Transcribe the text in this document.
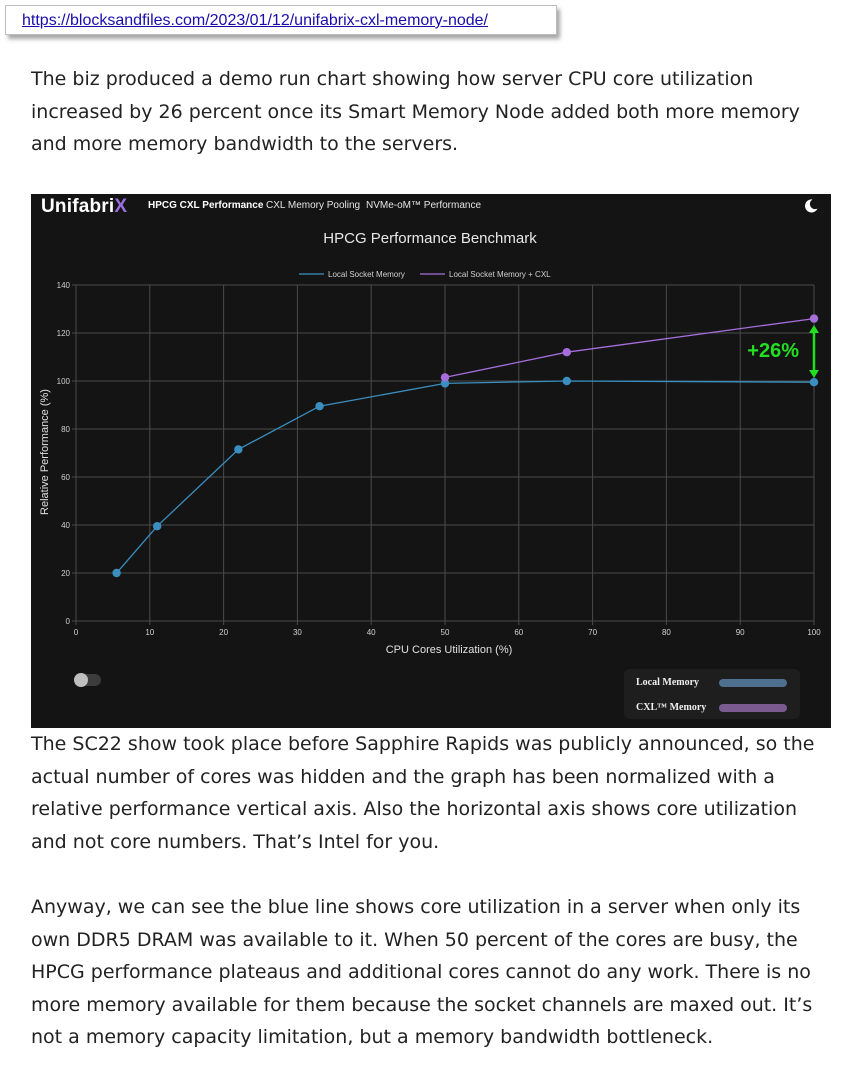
https://blocksandfiles.com/2023/01/12/unifabrix-cxl-memory-node/

The biz produced a demo run chart showing how server CPU core utilization increased by 26 percent once its Smart Memory Node added both more memory and more memory bandwidth to the servers.

UnifabriX HPCG CXL Performance CXL Memory Pooling NVMe-oM™ Performance
HPCG Performance Benchmark
Local Socket Memory	Local Socket Memory + CXL
0	10	20	30	40	50	60	70	80	90	100
0
20
40
60
80
100
120
140
CPU Cores Utilization (%)
Relative Performance (%)
+26%
Local Memory
CXL™ Memory

The SC22 show took place before Sapphire Rapids was publicly announced, so the actual number of cores was hidden and the graph has been normalized with a relative performance vertical axis. Also the horizontal axis shows core utilization and not core numbers. That’s Intel for you.

Anyway, we can see the blue line shows core utilization in a server when only its own DDR5 DRAM was available to it. When 50 percent of the cores are busy, the HPCG performance plateaus and additional cores cannot do any work. There is no more memory available for them because the socket channels are maxed out. It’s not a memory capacity limitation, but a memory bandwidth bottleneck.
